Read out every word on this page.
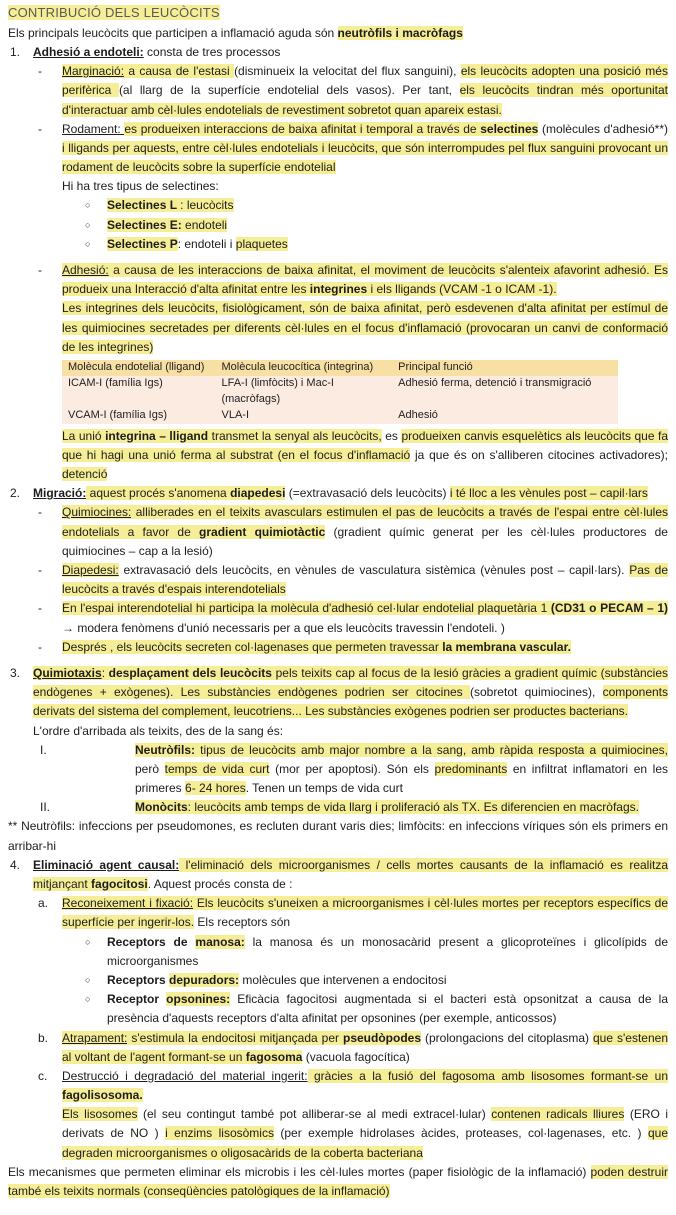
CONTRIBUCIÓ DELS LEUCÒCITS
Els principals leucòcits que participen a inflamació aguda són neutròfils i macròfags
1. Adhesió a endoteli: consta de tres processos
- Marginació: a causa de l'estasi (disminueix la velocitat del flux sanguini), els leucòcits adopten una posició més perifèrica (al llarg de la superfície endotelial dels vasos). Per tant, els leucòcits tindran més oportunitat d'interactuar amb cèl·lules endotelials de revestiment sobretot quan apareix estasi.
- Rodament: es produeixen interaccions de baixa afinitat i temporal a través de selectines (molècules d'adhesió**) i lligands per aquests, entre cèl·lules endotelials i leucòcits, que són interrompudes pel flux sanguini provocant un rodament de leucòcits sobre la superfície endotelial
Hi ha tres tipus de selectines:
○ Selectines L : leucòcits
○ Selectines E: endoteli
○ Selectines P: endoteli i plaquetes
- Adhesió: a causa de les interaccions de baixa afinitat, el moviment de leucòcits s'alenteix afavorint adhesió. Es produeix una Interacció d'alta afinitat entre les integrines i els lligands (VCAM -1 o ICAM -1).
Les integrines dels leucòcits, fisiològicament, són de baixa afinitat, però esdevenen d'alta afinitat per estímul de les quimiocines secretades per diferents cèl·lules en el focus d'inflamació (provocaran un canvi de conformació de les integrines)
Molècula endotelial (lligand)	Molècula leucocítica (integrina)	Principal funció
ICAM-I (família Igs)	LFA-I (limfòcits) i Mac-I (macròfags)	Adhesió ferma, detenció i transmigració
VCAM-I (família Igs)	VLA-I	Adhesió
La unió integrina – lligand transmet la senyal als leucòcits, es produeixen canvis esquelètics als leucòcits que fa que hi hagi una unió ferma al substrat (en el focus d'inflamació ja que és on s'alliberen citocines activadores); detenció
2. Migració: aquest procés s'anomena diapedesi (=extravasació dels leucòcits) i té lloc a les vènules post – capil·lars
- Quimiocines: alliberades en el teixits avasculars estimulen el pas de leucòcits a través de l'espai entre cèl·lules endotelials a favor de gradient quimiotàctic (gradient químic generat per les cèl·lules productores de quimiocines – cap a la lesió)
- Diapedesi: extravasació dels leucòcits, en vènules de vasculatura sistèmica (vènules post – capil·lars). Pas de leucòcits a través d'espais interendotelials
- En l'espai interendotelial hi participa la molècula d'adhesió cel·lular endotelial plaquetària 1 (CD31 o PECAM – 1) → modera fenòmens d'unió necessaris per a que els leucòcits travessin l'endoteli. )
- Després , els leucòcits secreten col·lagenases que permeten travessar la membrana vascular.
3. Quimiotaxis: desplaçament dels leucòcits pels teixits cap al focus de la lesió gràcies a gradient químic (substàncies endògenes + exògenes). Les substàncies endògenes podrien ser citocines (sobretot quimiocines), components derivats del sistema del complement, leucotriens... Les substàncies exògenes podrien ser productes bacterians.
L'ordre d'arribada als teixits, des de la sang és:
I.	Neutròfils: tipus de leucòcits amb major nombre a la sang, amb ràpida resposta a quimiocines, però temps de vida curt (mor per apoptosi). Són els predominants en infiltrat inflamatori en les primeres 6- 24 hores. Tenen un temps de vida curt
II.	Monòcits: leucòcits amb temps de vida llarg i proliferació als TX. Es diferencien en macròfags.
** Neutròfils: infeccions per pseudomones, es recluten durant varis dies; limfòcits: en infeccions víriques són els primers en arribar-hi
4. Eliminació agent causal: l'eliminació dels microorganismes / cells mortes causants de la inflamació es realitza mitjançant fagocitosi. Aquest procés consta de :
a. Reconeixement i fixació: Els leucòcits s'uneixen a microorganismes i cèl·lules mortes per receptors específics de superfície per ingerir-los. Els receptors són
○ Receptors de manosa: la manosa és un monosacàrid present a glicoproteïnes i glicolípids de microorganismes
○ Receptors depuradors: molècules que intervenen a endocitosi
○ Receptor opsonines: Eficàcia fagocitosi augmentada si el bacteri està opsonitzat a causa de la presència d'aquests receptors d'alta afinitat per opsonines (per exemple, anticossos)
b. Atrapament: s'estimula la endocitosi mitjançada per pseudòpodes (prolongacions del citoplasma) que s'estenen al voltant de l'agent formant-se un fagosoma (vacuola fagocítica)
c. Destrucció i degradació del material ingerit: gràcies a la fusió del fagosoma amb lisosomes formant-se un fagolisosoma.
Els lisosomes (el seu contingut també pot alliberar-se al medi extracel·lular) contenen radicals lliures (ERO i derivats de NO ) i enzims lisosòmics (per exemple hidrolases àcides, proteases, col·lagenases, etc. ) que degraden microorganismes o oligosacàrids de la coberta bacteriana
Els mecanismes que permeten eliminar els microbis i les cèl·lules mortes (paper fisiològic de la inflamació) poden destruir també els teixits normals (conseqüències patològiques de la inflamació)
